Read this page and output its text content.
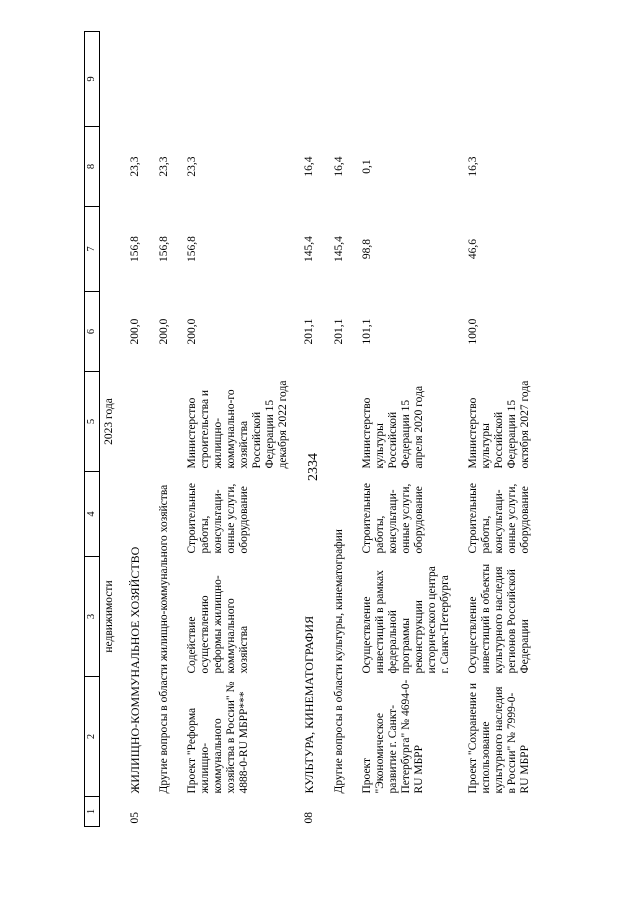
2334
1	2	3	4	5	6	7	8	9
		недвижимости		2023 года				
05	ЖИЛИЩНО-КОММУНАЛЬНОЕ ХОЗЯЙСТВО				200,0	156,8	23,3	
	Другие вопросы в области жилищно-коммунального хозяйства				200,0	156,8	23,3	
	Проект "Реформа жилищно-коммунального хозяйства в России" № 4888-0-RU МБРР***	Содействие осуществлению реформы жилищно-коммунального хозяйства	Строительные работы, консультаци-онные услуги, оборудование	Министерство строительства и жилищно-коммунально-го хозяйства Российской Федерации 15 декабря 2022 года	200,0	156,8	23,3	
08	КУЛЬТУРА, КИНЕМАТОГРАФИЯ				201,1	145,4	16,4	
	Другие вопросы в области культуры, кинематографии				201,1	145,4	16,4	
	Проект "Экономическое развитие г. Санкт-Петербурга" № 4694-0-RU МБРР	Осуществление инвестиций в рамках федеральной программы реконструкции исторического центра г. Санкт-Петербурга	Строительные работы, консультаци-онные услуги, оборудование	Министерство культуры Российской Федерации 15 апреля 2020 года	101,1	98,8	0,1	
	Проект "Сохранение и использование культурного наследия в России" № 7999-0-RU МБРР	Осуществление инвестиций в объекты культурного наследия регионов Российской Федерации	Строительные работы, консультаци-онные услуги, оборудование	Министерство культуры Российской Федерации 15 октября 2027 года	100,0	46,6	16,3	
